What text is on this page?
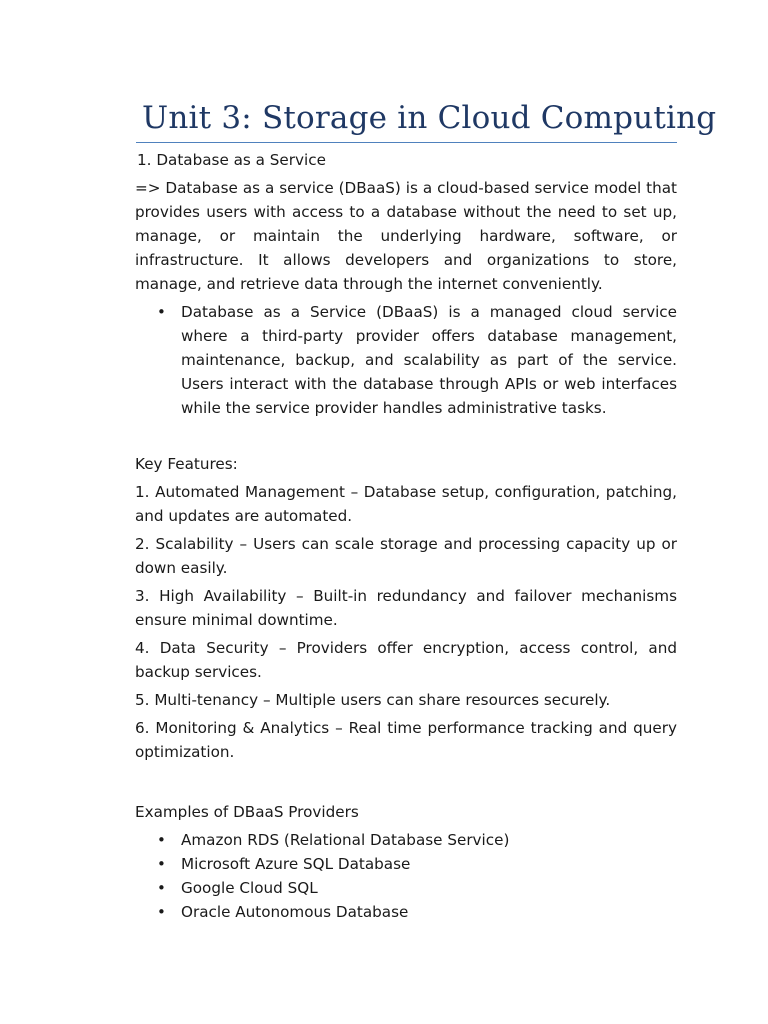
Unit 3: Storage in Cloud Computing

1. Database as a Service

=> Database as a service (DBaaS) is a cloud-based service model that provides users with access to a database without the need to set up, manage, or maintain the underlying hardware, software, or infrastructure. It allows developers and organizations to store, manage, and retrieve data through the internet conveniently.

• Database as a Service (DBaaS) is a managed cloud service where a third-party provider offers database management, maintenance, backup, and scalability as part of the service. Users interact with the database through APIs or web interfaces while the service provider handles administrative tasks.

Key Features:

1. Automated Management – Database setup, configuration, patching, and updates are automated.

2. Scalability – Users can scale storage and processing capacity up or down easily.

3. High Availability – Built-in redundancy and failover mechanisms ensure minimal downtime.

4. Data Security – Providers offer encryption, access control, and backup services.

5. Multi-tenancy – Multiple users can share resources securely.

6. Monitoring & Analytics – Real time performance tracking and query optimization.

Examples of DBaaS Providers

• Amazon RDS (Relational Database Service)
• Microsoft Azure SQL Database
• Google Cloud SQL
• Oracle Autonomous Database
